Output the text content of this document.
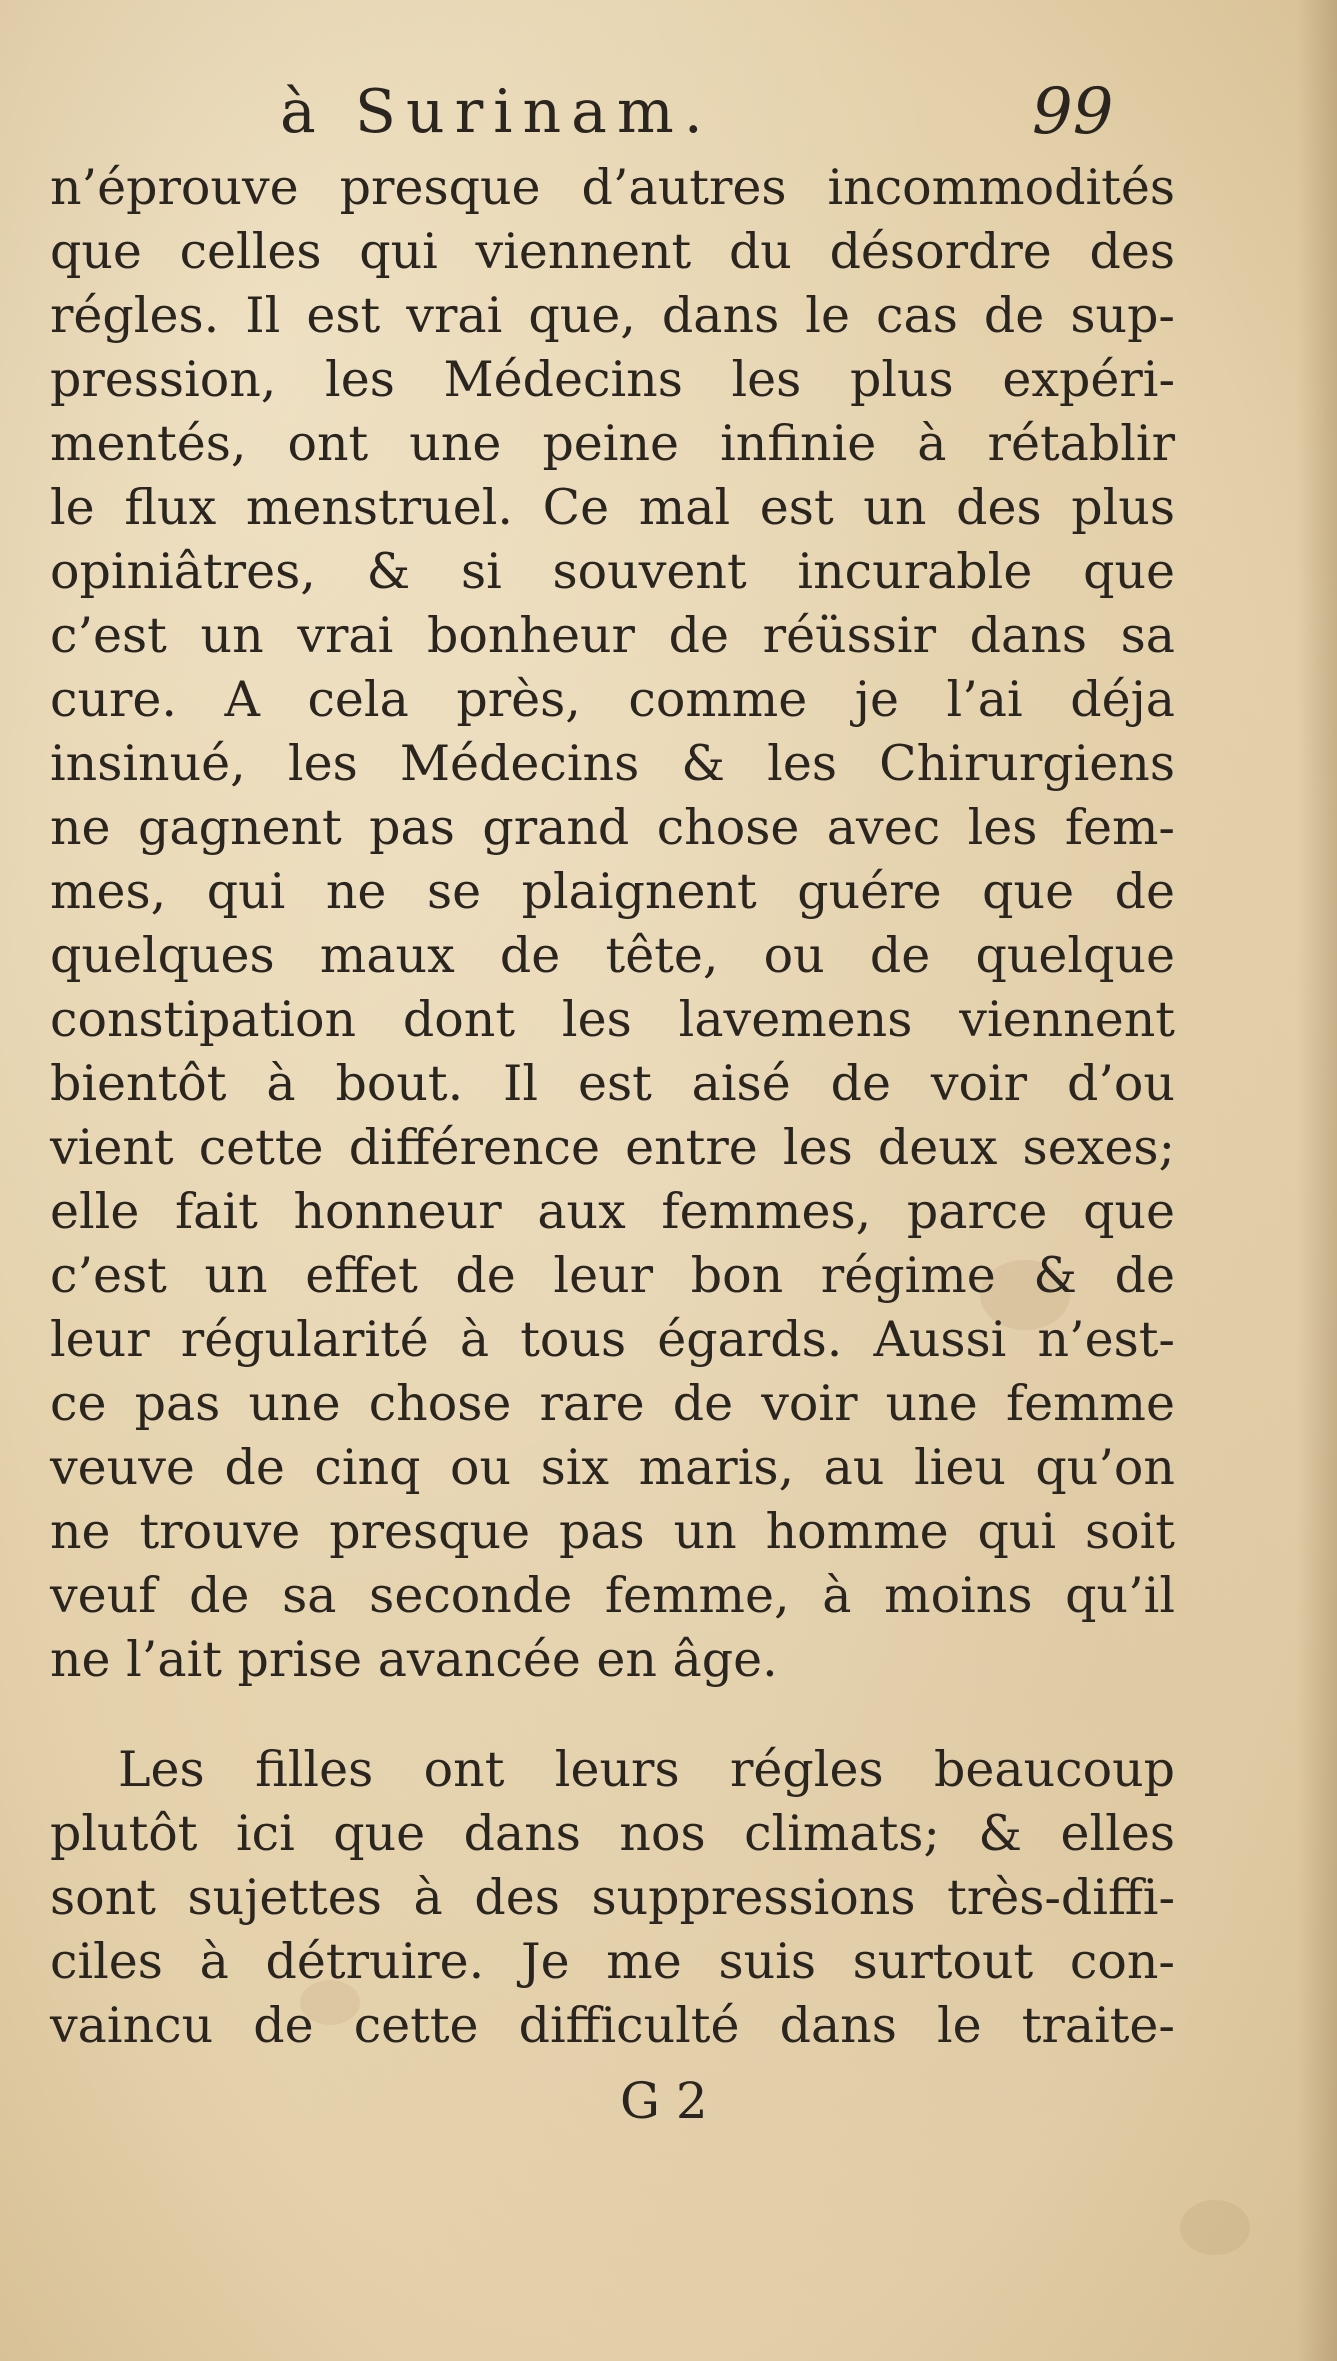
à Surinam.	99
n’éprouve presque d’autres incommodités
que celles qui viennent du désordre des
régles. Il est vrai que, dans le cas de sup-
pression, les Médecins les plus expéri-
mentés, ont une peine infinie à rétablir
le flux menstruel. Ce mal est un des plus
opiniâtres, & si souvent incurable que
c’est un vrai bonheur de réüssir dans sa
cure. A cela près, comme je l’ai déja
insinué, les Médecins & les Chirurgiens
ne gagnent pas grand chose avec les fem-
mes, qui ne se plaignent guére que de
quelques maux de tête, ou de quelque
constipation dont les lavemens viennent
bientôt à bout. Il est aisé de voir d’ou
vient cette différence entre les deux sexes;
elle fait honneur aux femmes, parce que
c’est un effet de leur bon régime & de
leur régularité à tous égards. Aussi n’est-
ce pas une chose rare de voir une femme
veuve de cinq ou six maris, au lieu qu’on
ne trouve presque pas un homme qui soit
veuf de sa seconde femme, à moins qu’il
ne l’ait prise avancée en âge.
Les filles ont leurs régles beaucoup
plutôt ici que dans nos climats; & elles
sont sujettes à des suppressions très-diffi-
ciles à détruire. Je me suis surtout con-
vaincu de cette difficulté dans le traite-
G 2
